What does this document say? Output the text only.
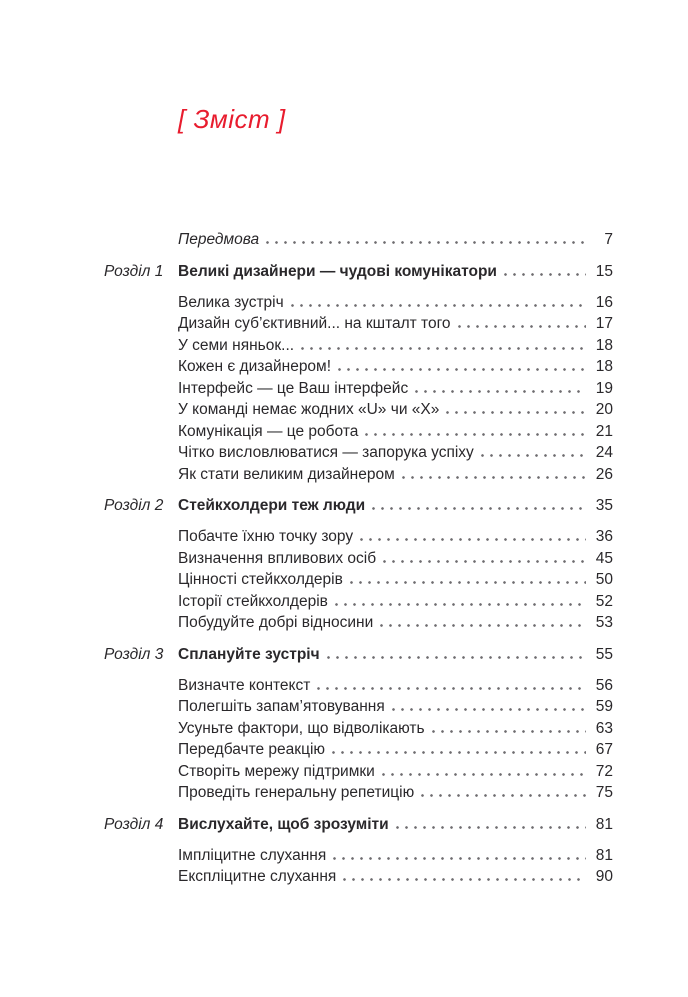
[ Зміст ]
Передмова	7
Розділ 1 Великі дизайнери — чудові комунікатори	15
Велика зустріч	16
Дизайн суб’єктивний... на кшталт того	17
У семи няньок...	18
Кожен є дизайнером!	18
Інтерфейс — це Ваш інтерфейс	19
У команді немає жодних «U» чи «X»	20
Комунікація — це робота	21
Чітко висловлюватися — запорука успіху	24
Як стати великим дизайнером	26
Розділ 2 Стейкхолдери теж люди	35
Побачте їхню точку зору	36
Визначення впливових осіб	45
Цінності стейкхолдерів	50
Історії стейкхолдерів	52
Побудуйте добрі відносини	53
Розділ 3 Сплануйте зустріч	55
Визначте контекст	56
Полегшіть запам’ятовування	59
Усуньте фактори, що відволікають	63
Передбачте реакцію	67
Створіть мережу підтримки	72
Проведіть генеральну репетицію	75
Розділ 4 Вислухайте, щоб зрозуміти	81
Імпліцитне слухання	81
Експліцитне слухання	90
